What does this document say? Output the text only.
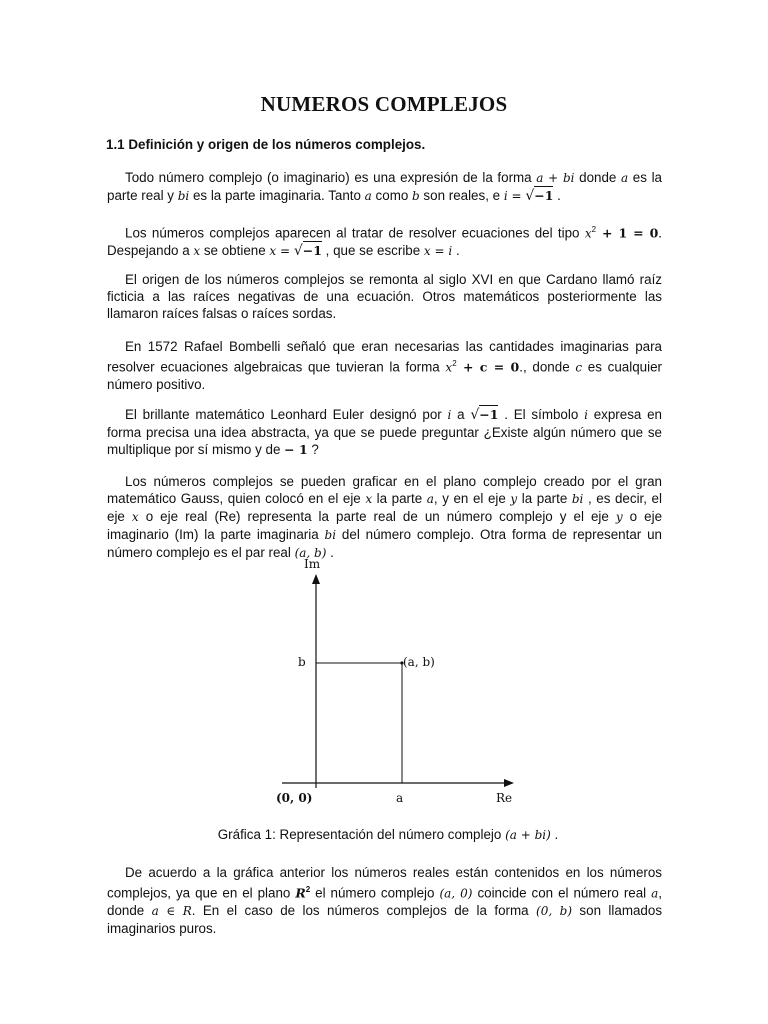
NUMEROS COMPLEJOS
1.1 Definición y origen de los números complejos.

Todo número complejo (o imaginario) es una expresión de la forma a + bi donde a es la parte real y bi es la parte imaginaria. Tanto a como b son reales, e i = √−1 .

Los números complejos aparecen al tratar de resolver ecuaciones del tipo $x^2 + 1 = 0$. Despejando a x se obtiene x = √−1 , que se escribe x = i .

El origen de los números complejos se remonta al siglo XVI en que Cardano llamó raíz ficticia a las raíces negativas de una ecuación. Otros matemáticos posteriormente las llamaron raíces falsas o raíces sordas.

En 1572 Rafael Bombelli señaló que eran necesarias las cantidades imaginarias para resolver ecuaciones algebraicas que tuvieran la forma $x^2 + c = 0$., donde c es cualquier número positivo.

El brillante matemático Leonhard Euler designó por i a √−1 . El símbolo i expresa en forma precisa una idea abstracta, ya que se puede preguntar ¿Existe algún número que se multiplique por sí mismo y de − 1 ?

Los números complejos se pueden graficar en el plano complejo creado por el gran matemático Gauss, quien colocó en el eje x la parte a, y en el eje y la parte bi , es decir, el eje x o eje real (Re) representa la parte real de un número complejo y el eje y o eje imaginario (Im) la parte imaginaria bi del número complejo. Otra forma de representar un número complejo es el par real (a, b) .

Im
b	(a, b)
(0, 0)	a	Re
Gráfica 1: Representación del número complejo (a + bi) .

De acuerdo a la gráfica anterior los números reales están contenidos en los números complejos, ya que en el plano $R^2$ el número complejo (a, 0) coincide con el número real a, donde a ∈ R. En el caso de los números complejos de la forma (0, b) son llamados imaginarios puros.
